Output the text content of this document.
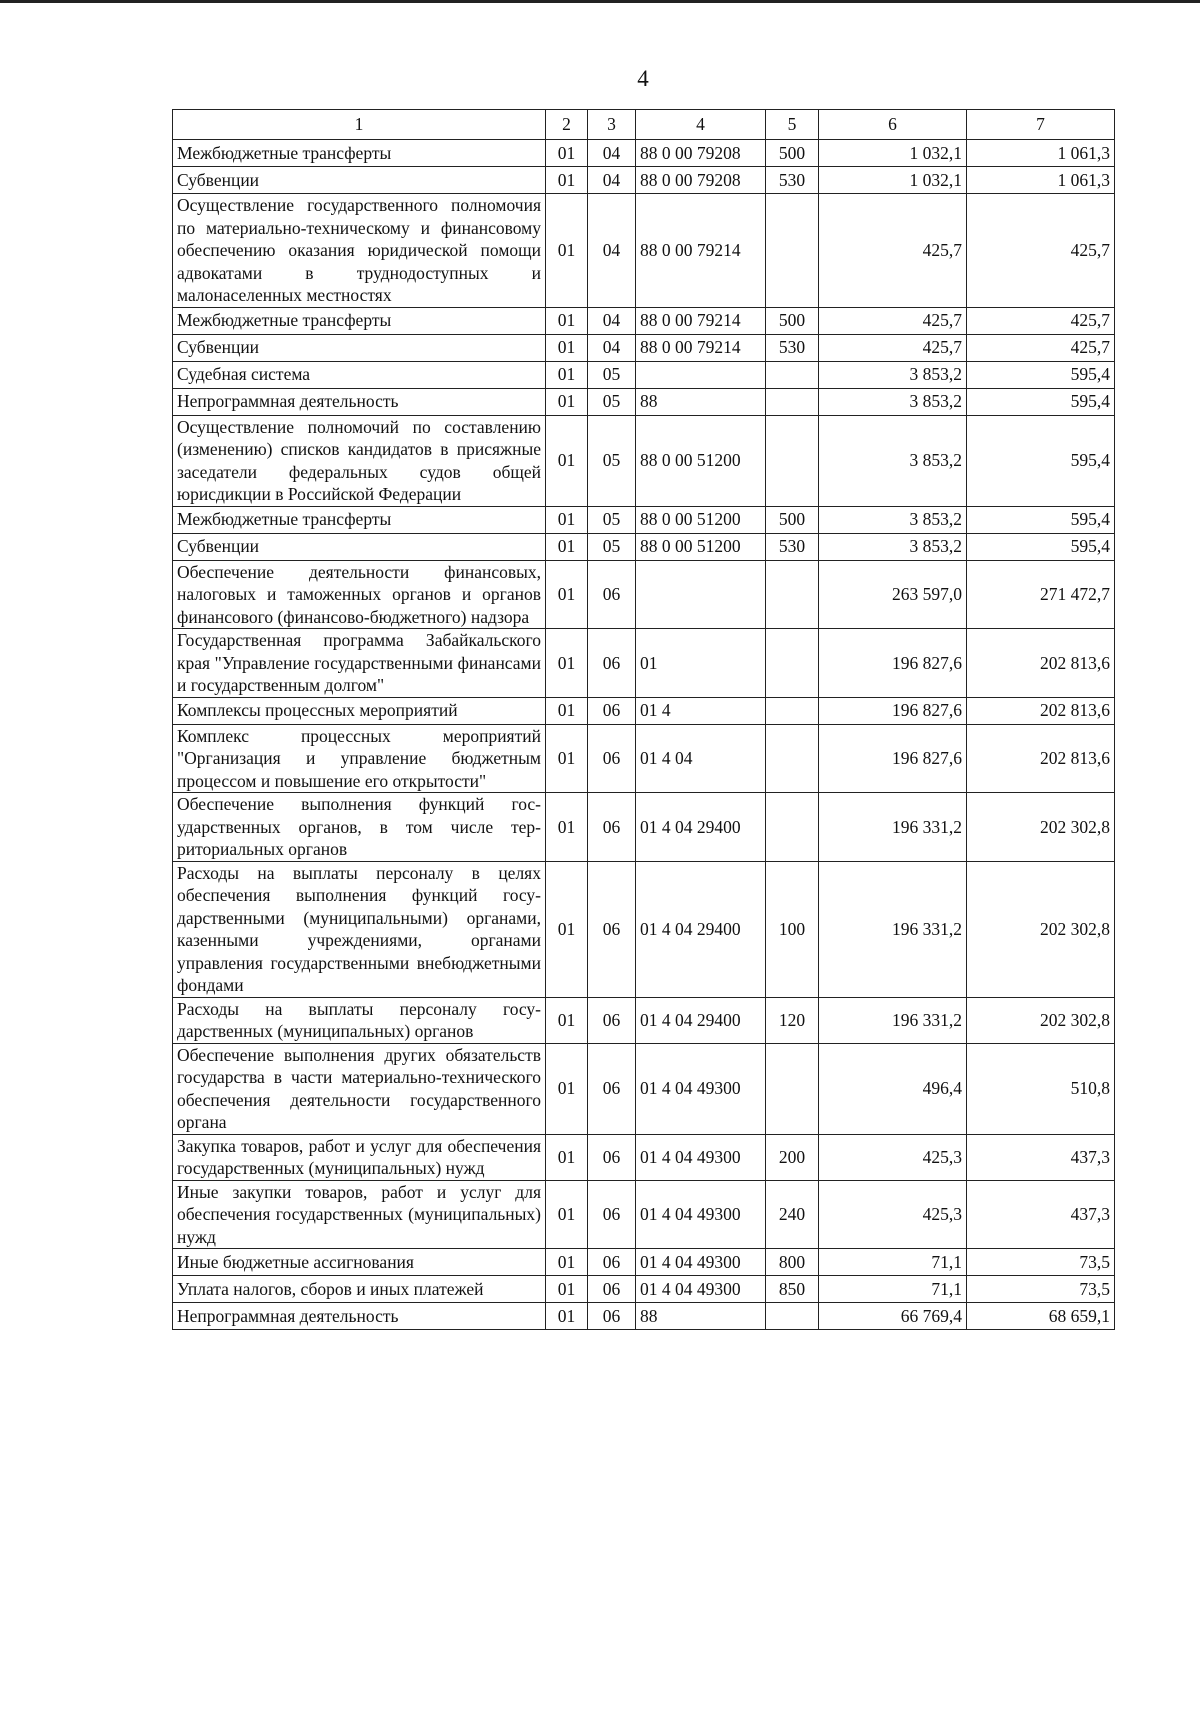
4
1	2	3	4	5	6	7
Межбюджетные трансферты	01	04	88 0 00 79208	500	1 032,1	1 061,3
Субвенции	01	04	88 0 00 79208	530	1 032,1	1 061,3
Осуществление государственного полномочия по материально-техническому и финансовому обеспечению оказания юридической помощи адвокатами в труднодоступных и малонаселенных местностях	01	04	88 0 00 79214		425,7	425,7
Межбюджетные трансферты	01	04	88 0 00 79214	500	425,7	425,7
Субвенции	01	04	88 0 00 79214	530	425,7	425,7
Судебная система	01	05			3 853,2	595,4
Непрограммная деятельность	01	05	88		3 853,2	595,4
Осуществление полномочий по составлению (изменению) списков кандидатов в присяжные заседатели федеральных судов общей юрисдикции в Российской Федерации	01	05	88 0 00 51200		3 853,2	595,4
Межбюджетные трансферты	01	05	88 0 00 51200	500	3 853,2	595,4
Субвенции	01	05	88 0 00 51200	530	3 853,2	595,4
Обеспечение деятельности финансовых, налоговых и таможенных органов и органов финансового (финансово-бюджетного) надзора	01	06			263 597,0	271 472,7
Государственная программа Забайкальского края "Управление государственными финансами и государственным долгом"	01	06	01		196 827,6	202 813,6
Комплексы процессных мероприятий	01	06	01 4		196 827,6	202 813,6
Комплекс процессных мероприятий "Организация и управление бюджетным процессом и повышение его открытости"	01	06	01 4 04		196 827,6	202 813,6
Обеспечение выполнения функций государственных органов, в том числе территориальных органов	01	06	01 4 04 29400		196 331,2	202 302,8
Расходы на выплаты персоналу в целях обеспечения выполнения функций государственными (муниципальными) органами, казенными учреждениями, органами управления государственными внебюджетными фондами	01	06	01 4 04 29400	100	196 331,2	202 302,8
Расходы на выплаты персоналу государственных (муниципальных) органов	01	06	01 4 04 29400	120	196 331,2	202 302,8
Обеспечение выполнения других обязательств государства в части материально-технического обеспечения деятельности государственного органа	01	06	01 4 04 49300		496,4	510,8
Закупка товаров, работ и услуг для обеспечения государственных (муниципальных) нужд	01	06	01 4 04 49300	200	425,3	437,3
Иные закупки товаров, работ и услуг для обеспечения государственных (муниципальных) нужд	01	06	01 4 04 49300	240	425,3	437,3
Иные бюджетные ассигнования	01	06	01 4 04 49300	800	71,1	73,5
Уплата налогов, сборов и иных платежей	01	06	01 4 04 49300	850	71,1	73,5
Непрограммная деятельность	01	06	88		66 769,4	68 659,1
